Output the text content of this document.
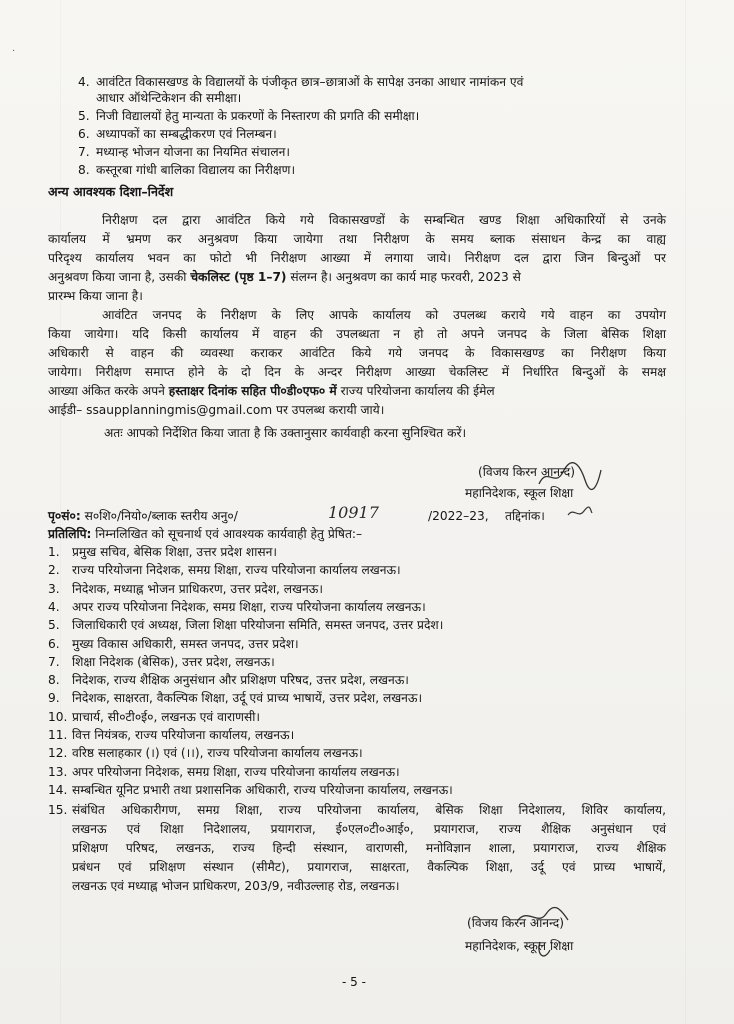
.
4. आवंटित विकासखण्ड के विद्यालयों के पंजीकृत छात्र–छात्राओं के सापेक्ष उनका आधार नामांकन एवं
आधार ऑथेन्टिकेशन की समीक्षा।
5. निजी विद्यालयों हेतु मान्यता के प्रकरणों के निस्तारण की प्रगति की समीक्षा।
6. अध्यापकों का सम्बद्धीकरण एवं निलम्बन।
7. मध्यान्ह भोजन योजना का नियमित संचालन।
8. कस्तूरबा गांधी बालिका विद्यालय का निरीक्षण।
अन्य आवश्यक दिशा–निर्देश
निरीक्षण दल द्वारा आवंटित किये गये विकासखण्डों के सम्बन्धित खण्ड शिक्षा अधिकारियों से उनके
कार्यालय में भ्रमण कर अनुश्रवण किया जायेगा तथा निरीक्षण के समय ब्लाक संसाधन केन्द्र का वाह्य
परिदृश्य कार्यालय भवन का फोटो भी निरीक्षण आख्या में लगाया जाये। निरीक्षण दल द्वारा जिन बिन्दुओं पर
अनुश्रवण किया जाना है, उसकी चेकलिस्ट (पृष्ठ 1–7) संलग्न है। अनुश्रवण का कार्य माह फरवरी, 2023 से
प्रारम्भ किया जाना है।
आवंटित जनपद के निरीक्षण के लिए आपके कार्यालय को उपलब्ध कराये गये वाहन का उपयोग
किया जायेगा। यदि किसी कार्यालय में वाहन की उपलब्धता न हो तो अपने जनपद के जिला बेसिक शिक्षा
अधिकारी से वाहन की व्यवस्था कराकर आवंटित किये गये जनपद के विकासखण्ड का निरीक्षण किया
जायेगा। निरीक्षण समाप्त होने के दो दिन के अन्दर निरीक्षण आख्या चेकलिस्ट में निर्धारित बिन्दुओं के समक्ष
आख्या अंकित करके अपने हस्ताक्षर दिनांक सहित पी०डी०एफ० में राज्य परियोजना कार्यालय की ईमेल
आईडी– ssaupplanningmis@gmail.com पर उपलब्ध करायी जाये।
अतः आपको निर्देशित किया जाता है कि उक्तानुसार कार्यवाही करना सुनिश्चित करें।
(विजय किरन आनन्द)
महानिदेशक, स्कूल शिक्षा
पृ०सं०: स०शि०/नियो०/ब्लाक स्तरीय अनु०/	10917	/2022–23, तद्दिनांक।
प्रतिलिपि: निम्नलिखित को सूचनार्थ एवं आवश्यक कार्यवाही हेतु प्रेषित:–
1. प्रमुख सचिव, बेसिक शिक्षा, उत्तर प्रदेश शासन।
2. राज्य परियोजना निदेशक, समग्र शिक्षा, राज्य परियोजना कार्यालय लखनऊ।
3. निदेशक, मध्याह्न भोजन प्राधिकरण, उत्तर प्रदेश, लखनऊ।
4. अपर राज्य परियोजना निदेशक, समग्र शिक्षा, राज्य परियोजना कार्यालय लखनऊ।
5. जिलाधिकारी एवं अध्यक्ष, जिला शिक्षा परियोजना समिति, समस्त जनपद, उत्तर प्रदेश।
6. मुख्य विकास अधिकारी, समस्त जनपद, उत्तर प्रदेश।
7. शिक्षा निदेशक (बेसिक), उत्तर प्रदेश, लखनऊ।
8. निदेशक, राज्य शैक्षिक अनुसंधान और प्रशिक्षण परिषद, उत्तर प्रदेश, लखनऊ।
9. निदेशक, साक्षरता, वैकल्पिक शिक्षा, उर्दू एवं प्राच्य भाषायें, उत्तर प्रदेश, लखनऊ।
10. प्राचार्य, सी०टी०ई०, लखनऊ एवं वाराणसी।
11. वित्त नियंत्रक, राज्य परियोजना कार्यालय, लखनऊ।
12. वरिष्ठ सलाहकार (।) एवं (।।), राज्य परियोजना कार्यालय लखनऊ।
13. अपर परियोजना निदेशक, समग्र शिक्षा, राज्य परियोजना कार्यालय लखनऊ।
14. सम्बन्धित यूनिट प्रभारी तथा प्रशासनिक अधिकारी, राज्य परियोजना कार्यालय, लखनऊ।
15. संबंधित अधिकारीगण, समग्र शिक्षा, राज्य परियोजना कार्यालय, बेसिक शिक्षा निदेशालय, शिविर कार्यालय,
लखनऊ एवं शिक्षा निदेशालय, प्रयागराज, ई०एल०टी०आई०, प्रयागराज, राज्य शैक्षिक अनुसंधान एवं
प्रशिक्षण परिषद, लखनऊ, राज्य हिन्दी संस्थान, वाराणसी, मनोविज्ञान शाला, प्रयागराज, राज्य शैक्षिक
प्रबंधन एवं प्रशिक्षण संस्थान (सीमैट), प्रयागराज, साक्षरता, वैकल्पिक शिक्षा, उर्दू एवं प्राच्य भाषायें,
लखनऊ एवं मध्याह्न भोजन प्राधिकरण, 203/9, नवीउल्लाह रोड, लखनऊ।
(विजय किरन आनन्द)
महानिदेशक, स्कूल शिक्षा
- 5 -
